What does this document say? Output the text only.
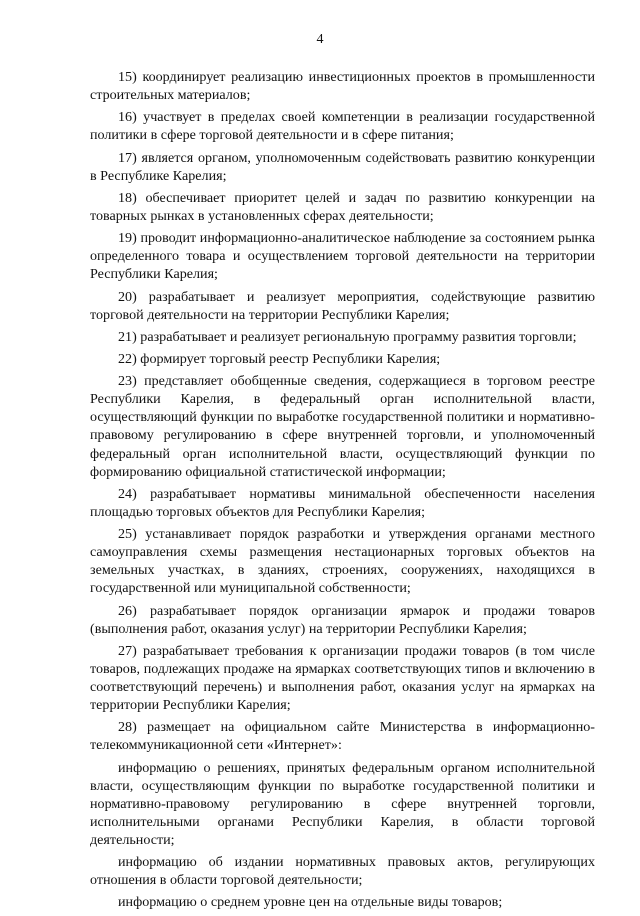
4

15) координирует реализацию инвестиционных проектов в промышленности строительных материалов;

16) участвует в пределах своей компетенции в реализации государственной политики в сфере торговой деятельности и в сфере питания;

17) является органом, уполномоченным содействовать развитию конкуренции в Республике Карелия;

18) обеспечивает приоритет целей и задач по развитию конкуренции на товарных рынках в установленных сферах деятельности;

19) проводит информационно-аналитическое наблюдение за состоянием рынка определенного товара и осуществлением торговой деятельности на территории Республики Карелия;

20) разрабатывает и реализует мероприятия, содействующие развитию торговой деятельности на территории Республики Карелия;

21) разрабатывает и реализует региональную программу развития торговли;

22) формирует торговый реестр Республики Карелия;

23) представляет обобщенные сведения, содержащиеся в торговом реестре Республики Карелия, в федеральный орган исполнительной власти, осуществляющий функции по выработке государственной политики и нормативно-правовому регулированию в сфере внутренней торговли, и уполномоченный федеральный орган исполнительной власти, осуществляющий функции по формированию официальной статистической информации;

24) разрабатывает нормативы минимальной обеспеченности населения площадью торговых объектов для Республики Карелия;

25) устанавливает порядок разработки и утверждения органами местного самоуправления схемы размещения нестационарных торговых объектов на земельных участках, в зданиях, строениях, сооружениях, находящихся в государственной или муниципальной собственности;

26) разрабатывает порядок организации ярмарок и продажи товаров (выполнения работ, оказания услуг) на территории Республики Карелия;

27) разрабатывает требования к организации продажи товаров (в том числе товаров, подлежащих продаже на ярмарках соответствующих типов и включению в соответствующий перечень) и выполнения работ, оказания услуг на ярмарках на территории Республики Карелия;

28) размещает на официальном сайте Министерства в информационно-телекоммуникационной сети «Интернет»:

информацию о решениях, принятых федеральным органом исполнительной власти, осуществляющим функции по выработке государственной политики и нормативно-правовому регулированию в сфере внутренней торговли, исполнительными органами Республики Карелия, в области торговой деятельности;

информацию об издании нормативных правовых актов, регулирующих отношения в области торговой деятельности;

информацию о среднем уровне цен на отдельные виды товаров;
